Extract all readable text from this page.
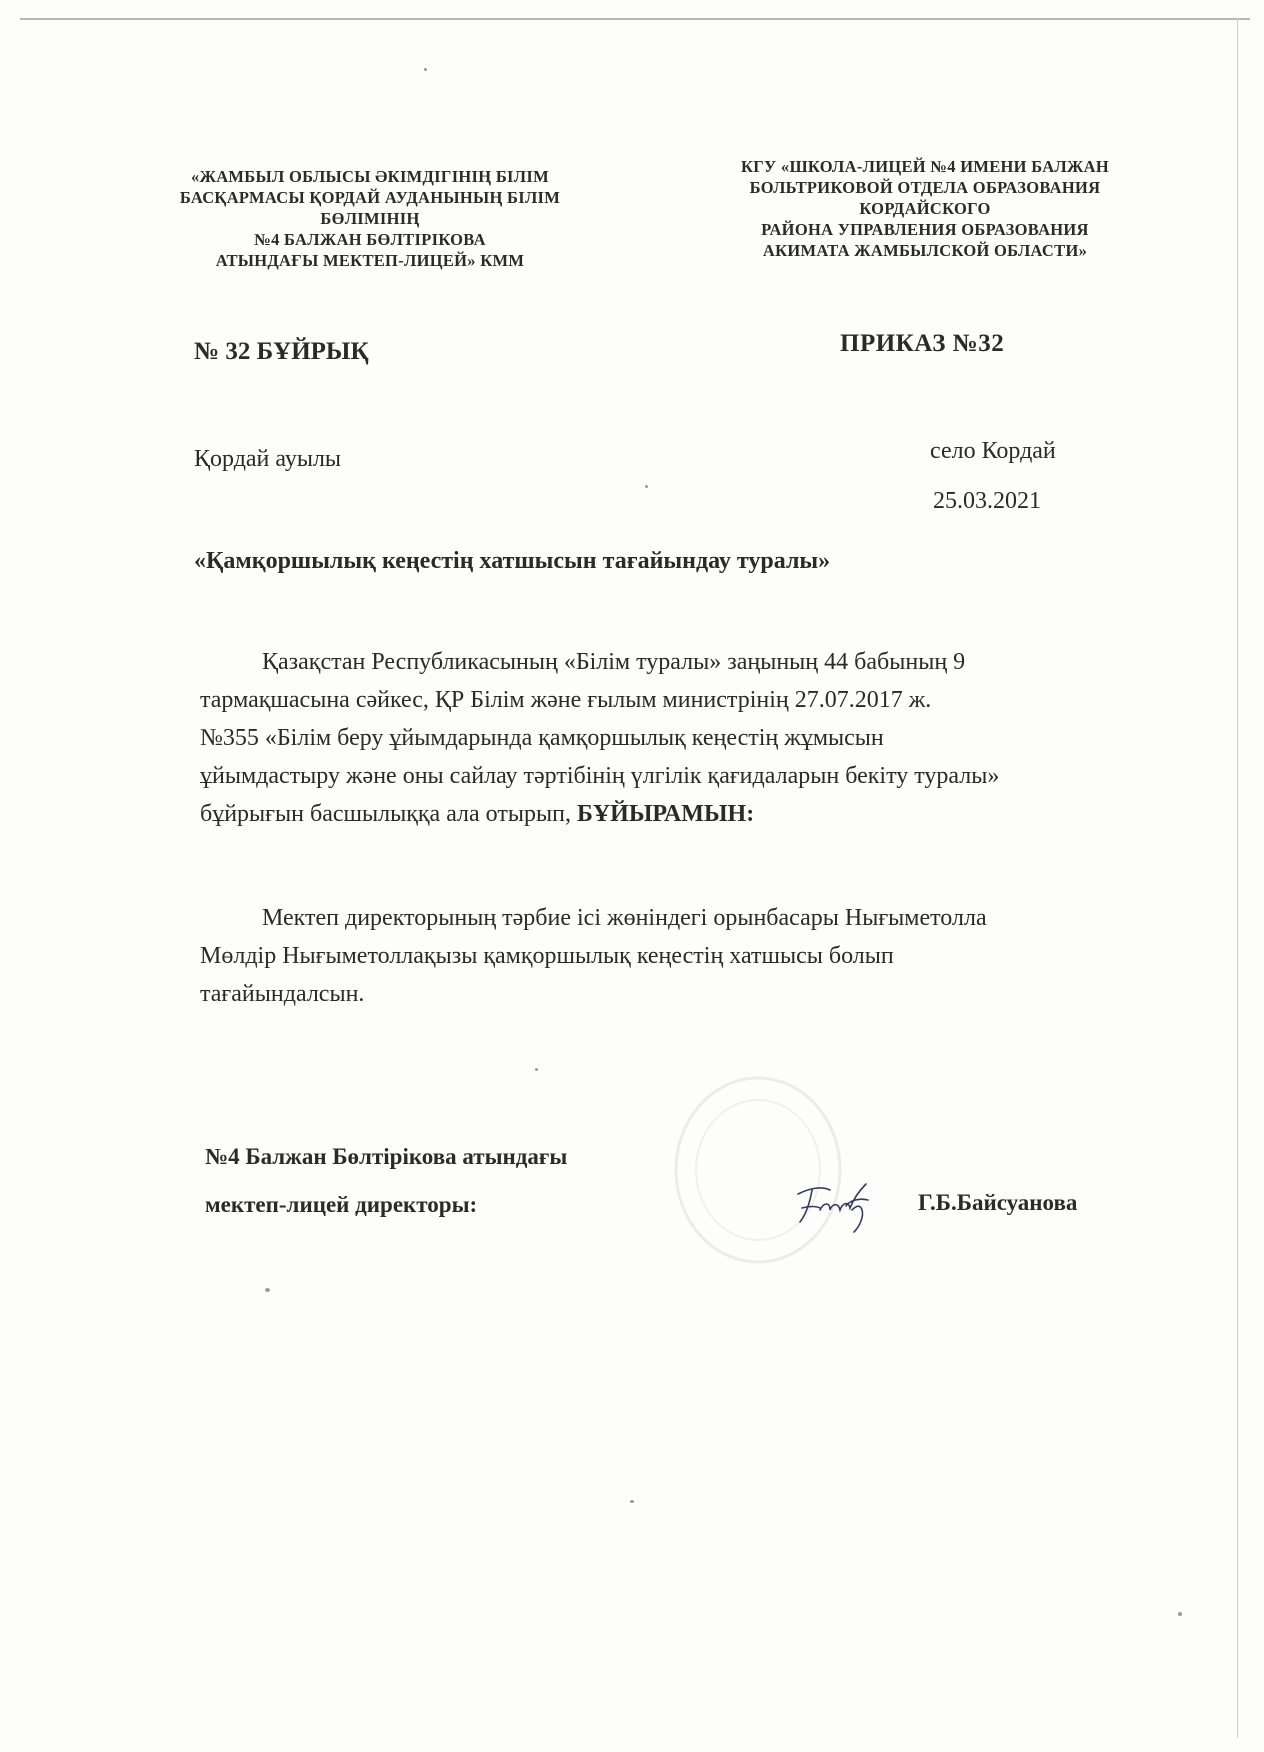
«ЖАМБЫЛ ОБЛЫСЫ ӘКІМДІГІНІҢ БІЛІМ
БАСҚАРМАСЫ ҚОРДАЙ АУДАНЫНЫҢ БІЛІМ
БӨЛІМІНІҢ
№4 БАЛЖАН БӨЛТІРІКОВА
АТЫНДАҒЫ МЕКТЕП-ЛИЦЕЙ» КММ
КГУ «ШКОЛА-ЛИЦЕЙ №4 ИМЕНИ БАЛЖАН
БОЛЬТРИКОВОЙ ОТДЕЛА ОБРАЗОВАНИЯ
КОРДАЙСКОГО
РАЙОНА УПРАВЛЕНИЯ ОБРАЗОВАНИЯ
АКИМАТА ЖАМБЫЛСКОЙ ОБЛАСТИ»
№ 32 БҰЙРЫҚ	ПРИКАЗ №32
Қордай ауылы	село Кордай
25.03.2021
«Қамқоршылық кеңестің хатшысын тағайындау туралы»
Қазақстан Республикасының «Білім туралы» заңының 44 бабының 9
тармақшасына сәйкес, ҚР Білім және ғылым министрінің 27.07.2017 ж.
№355 «Білім беру ұйымдарында қамқоршылық кеңестің жұмысын
ұйымдастыру және оны сайлау тәртібінің үлгілік қағидаларын бекіту туралы»
бұйрығын басшылыққа ала отырып, БҰЙЫРАМЫН:
Мектеп директорының тәрбие ісі жөніндегі орынбасары Нығыметолла
Мөлдір Нығыметоллақызы қамқоршылық кеңестің хатшысы болып
тағайындалсын.
№4 Балжан Бөлтірікова атындағы
мектеп-лицей директоры:	Г.Б.Байсуанова
